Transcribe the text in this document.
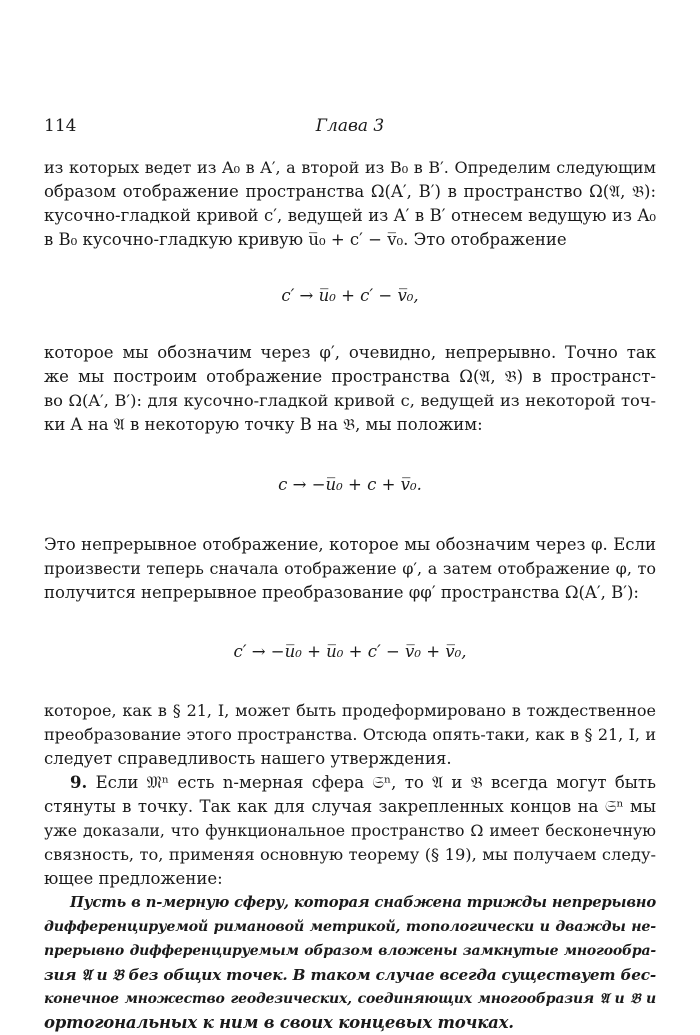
114	Глава 3
из которых ведет из A₀ в A′, а второй из B₀ в B′. Определим следующим
образом отображение пространства Ω(A′, B′) в пространство Ω(𝔄, 𝔅):
кусочно-гладкой кривой c′, ведущей из A′ в B′ отнесем ведущую из A₀
в B₀ кусочно-гладкую кривую u̅₀ + c′ − v̅₀. Это отображение
c′ → u̅₀ + c′ − v̅₀,
которое мы обозначим через φ′, очевидно, непрерывно. Точно так
же мы построим отображение пространства Ω(𝔄, 𝔅) в пространст-
во Ω(A′, B′): для кусочно-гладкой кривой c, ведущей из некоторой точ-
ки A на 𝔄 в некоторую точку B на 𝔅, мы положим:
c → −u̅₀ + c + v̅₀.
Это непрерывное отображение, которое мы обозначим через φ. Если
произвести теперь сначала отображение φ′, а затем отображение φ, то
получится непрерывное преобразование φφ′ пространства Ω(A′, B′):
c′ → −u̅₀ + u̅₀ + c′ − v̅₀ + v̅₀,
которое, как в § 21, I, может быть продеформировано в тождественное
преобразование этого пространства. Отсюда опять-таки, как в § 21, I, и
следует справедливость нашего утверждения.
9. Если 𝔐ⁿ есть n-мерная сфера 𝔖ⁿ, то 𝔄 и 𝔅 всегда могут быть
стянуты в точку. Так как для случая закрепленных концов на 𝔖ⁿ мы
уже доказали, что функциональное пространство Ω имеет бесконечную
связность, то, применяя основную теорему (§ 19), мы получаем следу-
ющее предложение:
Пусть в n-мерную сферу, которая снабжена трижды непрерывно
дифференцируемой римановой метрикой, топологически и дважды не-
прерывно дифференцируемым образом вложены замкнутые многообра-
зия 𝔄 и 𝔅 без общих точек. В таком случае всегда существует бес-
конечное множество геодезических, соединяющих многообразия 𝔄 и 𝔅 и
ортогональных к ним в своих концевых точках.
